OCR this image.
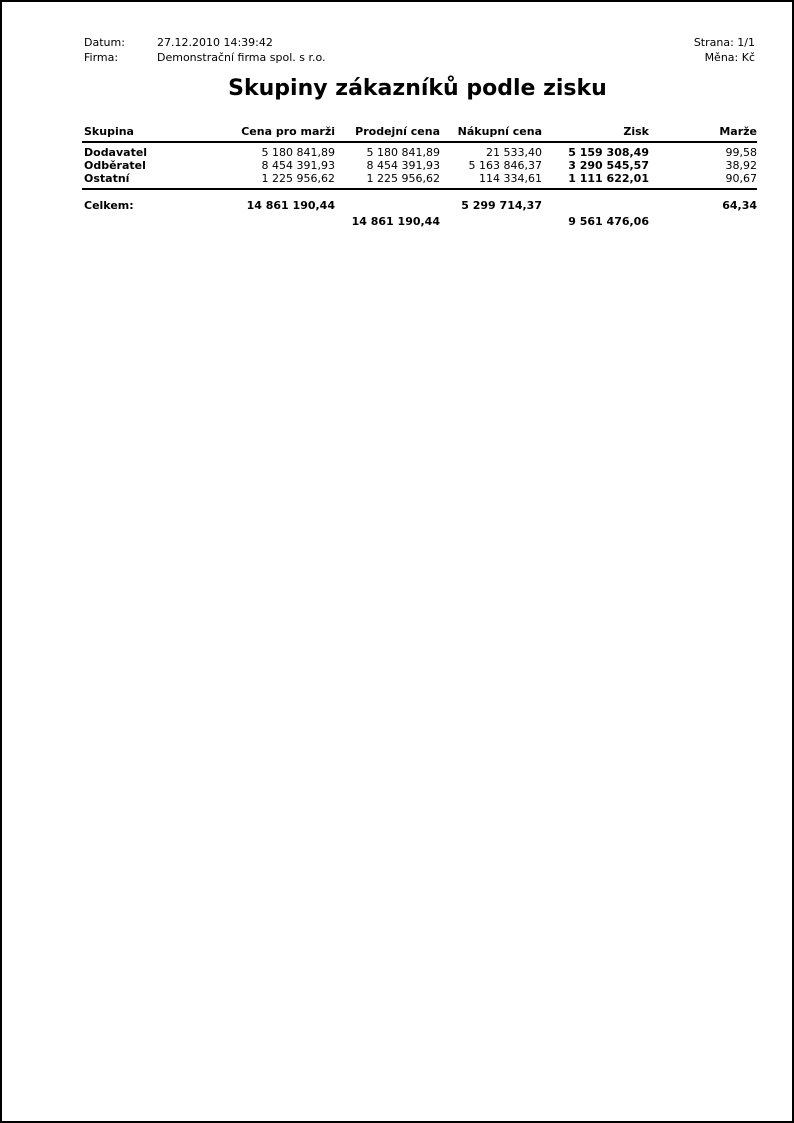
Datum:	27.12.2010 14:39:42
Firma:	Demonstrační firma spol. s r.o.
Strana: 1/1
Měna: Kč
Skupiny zákazníků podle zisku
Skupina	Cena pro marži	Prodejní cena	Nákupní cena	Zisk	Marže
Dodavatel	5 180 841,89	5 180 841,89	21 533,40	5 159 308,49	99,58
Odběratel	8 454 391,93	8 454 391,93	5 163 846,37	3 290 545,57	38,92
Ostatní	1 225 956,62	1 225 956,62	114 334,61	1 111 622,01	90,67
Celkem:	14 861 190,44		5 299 714,37		64,34
		14 861 190,44		9 561 476,06	
